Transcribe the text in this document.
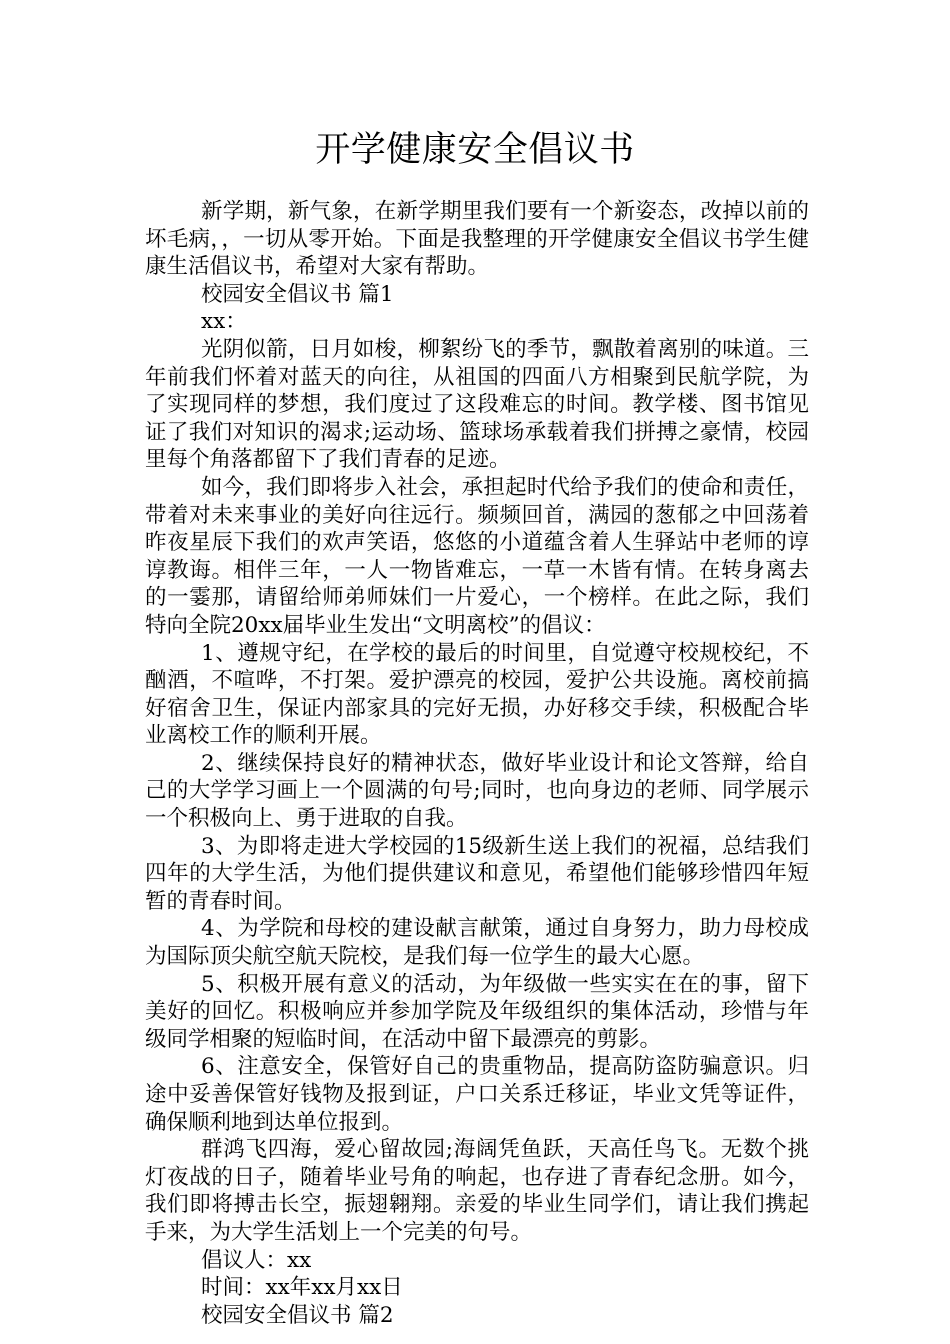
开学健康安全倡议书

新学期，新气象，在新学期里我们要有一个新姿态，改掉以前的坏毛病，，一切从零开始。下面是我整理的开学健康安全倡议书学生健康生活倡议书，希望对大家有帮助。

校园安全倡议书 篇1

xx：

光阴似箭，日月如梭，柳絮纷飞的季节，飘散着离别的味道。三年前我们怀着对蓝天的向往，从祖国的四面八方相聚到民航学院，为了实现同样的梦想，我们度过了这段难忘的时间。教学楼、图书馆见证了我们对知识的渴求;运动场、篮球场承载着我们拼搏之豪情，校园里每个角落都留下了我们青春的足迹。

如今，我们即将步入社会，承担起时代给予我们的使命和责任，带着对未来事业的美好向往远行。频频回首，满园的葱郁之中回荡着昨夜星辰下我们的欢声笑语，悠悠的小道蕴含着人生驿站中老师的谆谆教诲。相伴三年，一人一物皆难忘，一草一木皆有情。在转身离去的一霎那，请留给师弟师妹们一片爱心，一个榜样。在此之际，我们特向全院20xx届毕业生发出“文明离校”的倡议：

1、遵规守纪，在学校的最后的时间里，自觉遵守校规校纪，不酗酒，不喧哗，不打架。爱护漂亮的校园，爱护公共设施。离校前搞好宿舍卫生，保证内部家具的完好无损，办好移交手续，积极配合毕业离校工作的顺利开展。

2、继续保持良好的精神状态，做好毕业设计和论文答辩，给自己的大学学习画上一个圆满的句号;同时，也向身边的老师、同学展示一个积极向上、勇于进取的自我。

3、为即将走进大学校园的15级新生送上我们的祝福，总结我们四年的大学生活，为他们提供建议和意见，希望他们能够珍惜四年短暂的青春时间。

4、为学院和母校的建设献言献策，通过自身努力，助力母校成为国际顶尖航空航天院校，是我们每一位学生的最大心愿。

5、积极开展有意义的活动，为年级做一些实实在在的事，留下美好的回忆。积极响应并参加学院及年级组织的集体活动，珍惜与年级同学相聚的短临时间，在活动中留下最漂亮的剪影。

6、注意安全，保管好自己的贵重物品，提高防盗防骗意识。归途中妥善保管好钱物及报到证，户口关系迁移证，毕业文凭等证件，确保顺利地到达单位报到。

群鸿飞四海，爱心留故园;海阔凭鱼跃，天高任鸟飞。无数个挑灯夜战的日子，随着毕业号角的响起，也存进了青春纪念册。如今，我们即将搏击长空，振翅翱翔。亲爱的毕业生同学们，请让我们携起手来，为大学生活划上一个完美的句号。

倡议人：xx

时间：xx年xx月xx日

校园安全倡议书 篇2
